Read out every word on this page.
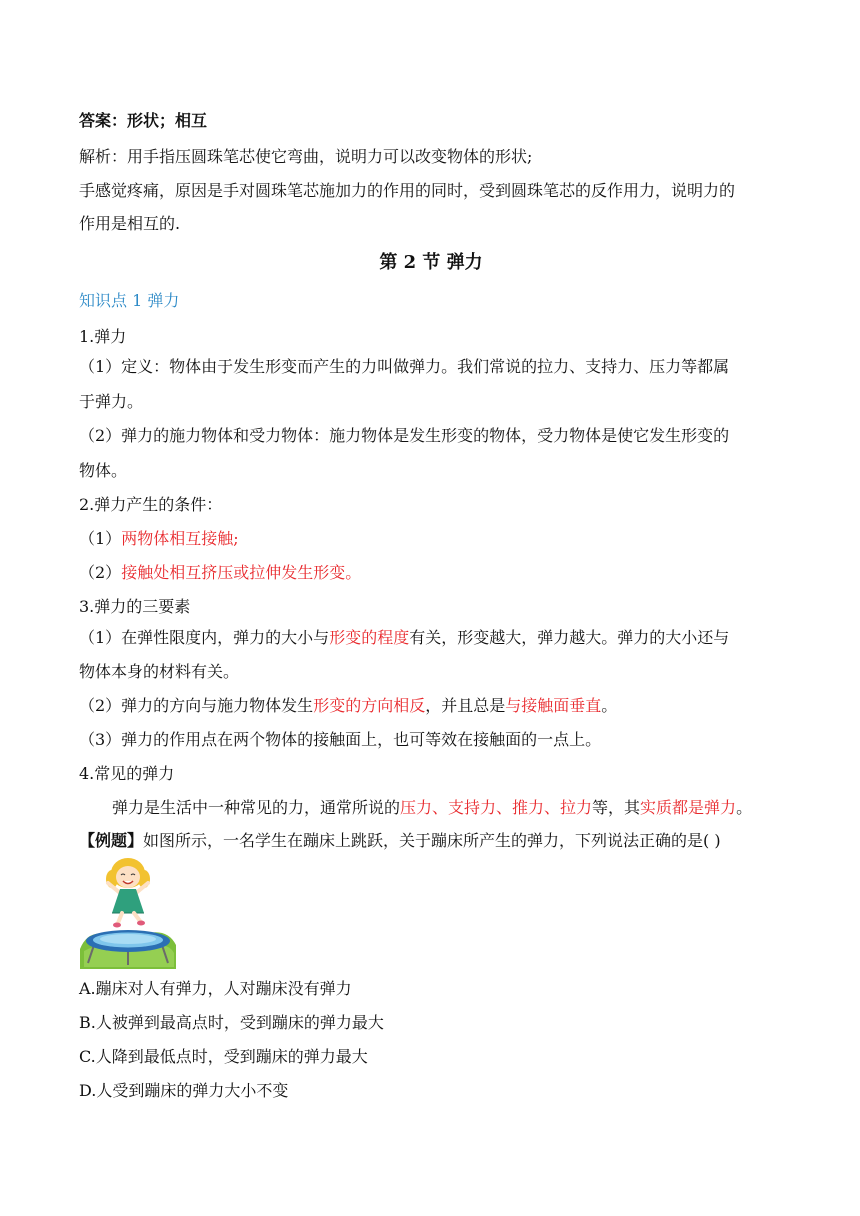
答案：形状；相互

解析：用手指压圆珠笔芯使它弯曲，说明力可以改变物体的形状;

手感觉疼痛，原因是手对圆珠笔芯施加力的作用的同时，受到圆珠笔芯的反作用力，说明力的

作用是相互的.

第 2 节 弹力

知识点 1 弹力

1.弹力

（1）定义：物体由于发生形变而产生的力叫做弹力。我们常说的拉力、支持力、压力等都属

于弹力。

（2）弹力的施力物体和受力物体：施力物体是发生形变的物体，受力物体是使它发生形变的

物体。

2.弹力产生的条件：

（1）两物体相互接触;

（2）接触处相互挤压或拉伸发生形变。

3.弹力的三要素

（1）在弹性限度内，弹力的大小与形变的程度有关，形变越大，弹力越大。弹力的大小还与

物体本身的材料有关。

（2）弹力的方向与施力物体发生形变的方向相反，并且总是与接触面垂直。

（3）弹力的作用点在两个物体的接触面上，也可等效在接触面的一点上。

4.常见的弹力

弹力是生活中一种常见的力，通常所说的压力、支持力、推力、拉力等，其实质都是弹力。

【例题】如图所示，一名学生在蹦床上跳跃，关于蹦床所产生的弹力，下列说法正确的是( )

A.蹦床对人有弹力，人对蹦床没有弹力

B.人被弹到最高点时，受到蹦床的弹力最大

C.人降到最低点时，受到蹦床的弹力最大

D.人受到蹦床的弹力大小不变
